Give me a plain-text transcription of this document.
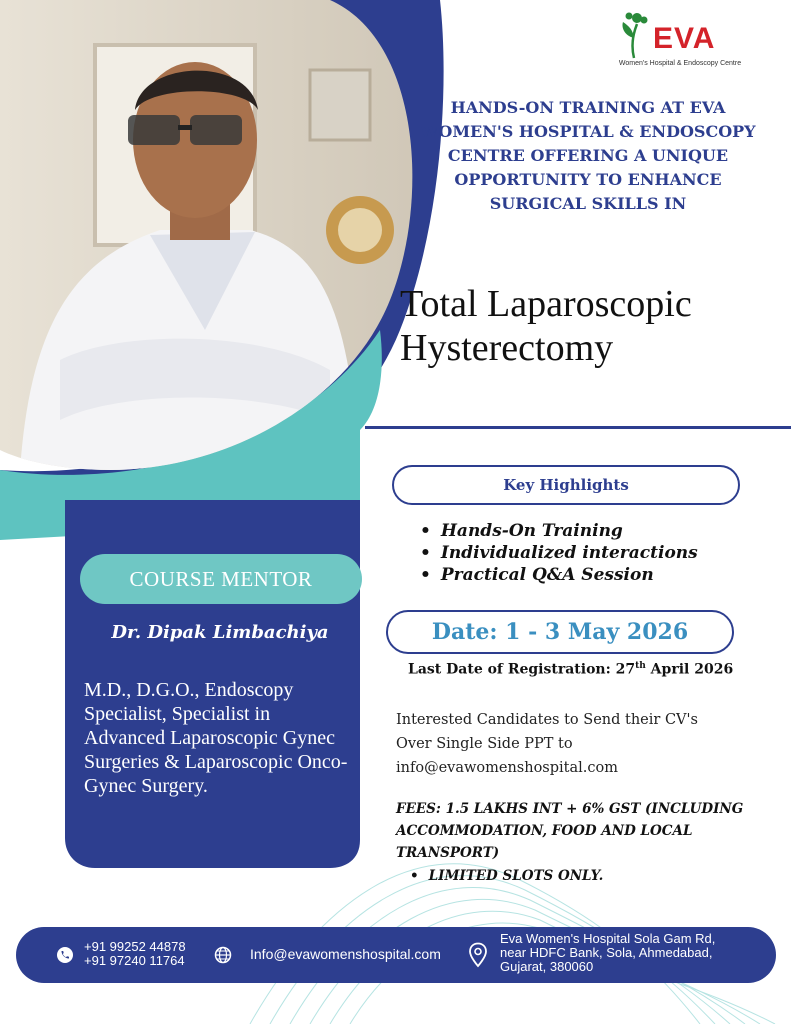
EVA
Women's Hospital & Endoscopy Centre
HANDS-ON TRAINING AT EVA WOMEN'S HOSPITAL & ENDOSCOPY CENTRE OFFERING A UNIQUE OPPORTUNITY TO ENHANCE SURGICAL SKILLS IN
Total Laparoscopic
Hysterectomy
Key Highlights
• Hands-On Training
• Individualized interactions
• Practical Q&A Session
Date: 1 - 3 May 2026
Last Date of Registration: 27th April 2026
Interested Candidates to Send their CV's
Over Single Side PPT to
info@evawomenshospital.com
FEES: 1.5 LAKHS INT + 6% GST (INCLUDING ACCOMMODATION, FOOD AND LOCAL TRANSPORT)
• LIMITED SLOTS ONLY.
COURSE MENTOR
Dr. Dipak Limbachiya
M.D., D.G.O., Endoscopy Specialist, Specialist in Advanced Laparoscopic Gynec Surgeries & Laparoscopic Onco-Gynec Surgery.
+91 99252 44878
+91 97240 11764	Info@evawomenshospital.com
Eva Women's Hospital Sola Gam Rd,
near HDFC Bank, Sola, Ahmedabad,
Gujarat, 380060
